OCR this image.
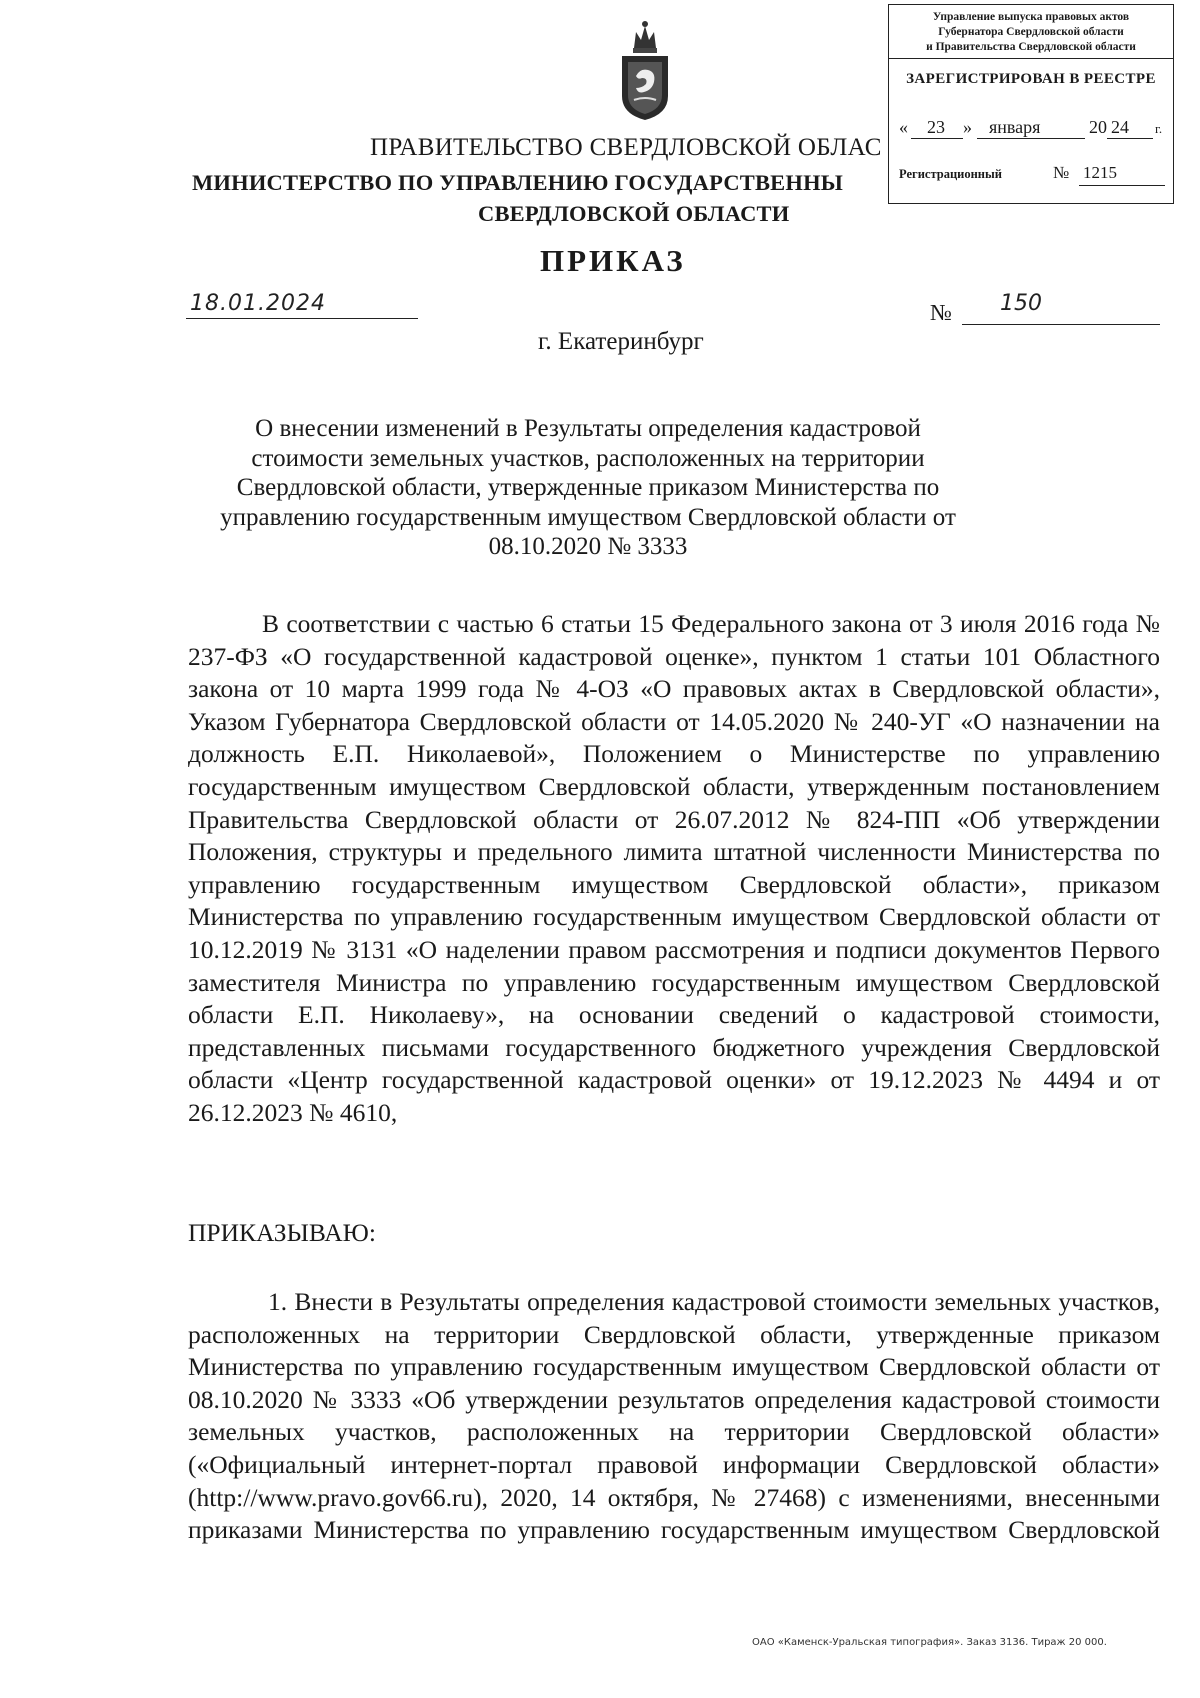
Управление выпуска правовых актов
Губернатора Свердловской области
и Правительства Свердловской области
ЗАРЕГИСТРИРОВАН В РЕЕСТРЕ
« 23 » января	20 24 г.
Регистрационный	№ 1215
ПРАВИТЕЛЬСТВО СВЕРДЛОВСКОЙ ОБЛАС
МИНИСТЕРСТВО ПО УПРАВЛЕНИЮ ГОСУДАРСТВЕННЫ
СВЕРДЛОВСКОЙ ОБЛАСТИ
ПРИКАЗ
18.01.2024	№ 150
г. Екатеринбург
О внесении изменений в Результаты определения кадастровой стоимости земельных участков, расположенных на территории Свердловской области, утвержденные приказом Министерства по управлению государственным имуществом Свердловской области от 08.10.2020 № 3333
В соответствии с частью 6 статьи 15 Федерального закона от 3 июля 2016 года № 237-ФЗ «О государственной кадастровой оценке», пунктом 1 статьи 101 Областного закона от 10 марта 1999 года № 4-ОЗ «О правовых актах в Свердловской области», Указом Губернатора Свердловской области от 14.05.2020 № 240-УГ «О назначении на должность Е.П. Николаевой», Положением о Министерстве по управлению государственным имуществом Свердловской области, утвержденным постановлением Правительства Свердловской области от 26.07.2012 № 824-ПП «Об утверждении Положения, структуры и предельного лимита штатной численности Министерства по управлению государственным имуществом Свердловской области», приказом Министерства по управлению государственным имуществом Свердловской области от 10.12.2019 № 3131 «О наделении правом рассмотрения и подписи документов Первого заместителя Министра по управлению государственным имуществом Свердловской области Е.П. Николаеву», на основании сведений о кадастровой стоимости, представленных письмами государственного бюджетного учреждения Свердловской области «Центр государственной кадастровой оценки» от 19.12.2023 № 4494 и от 26.12.2023 № 4610,
ПРИКАЗЫВАЮ:
1. Внести в Результаты определения кадастровой стоимости земельных участков, расположенных на территории Свердловской области, утвержденные приказом Министерства по управлению государственным имуществом Свердловской области от 08.10.2020 № 3333 «Об утверждении результатов определения кадастровой стоимости земельных участков, расположенных на территории Свердловской области» («Официальный интернет-портал правовой информации Свердловской области» (http://www.pravo.gov66.ru), 2020, 14 октября, № 27468) с изменениями, внесенными приказами Министерства по управлению государственным имуществом Свердловской
ОАО «Каменск-Уральская типография». Заказ 3136. Тираж 20 000.
